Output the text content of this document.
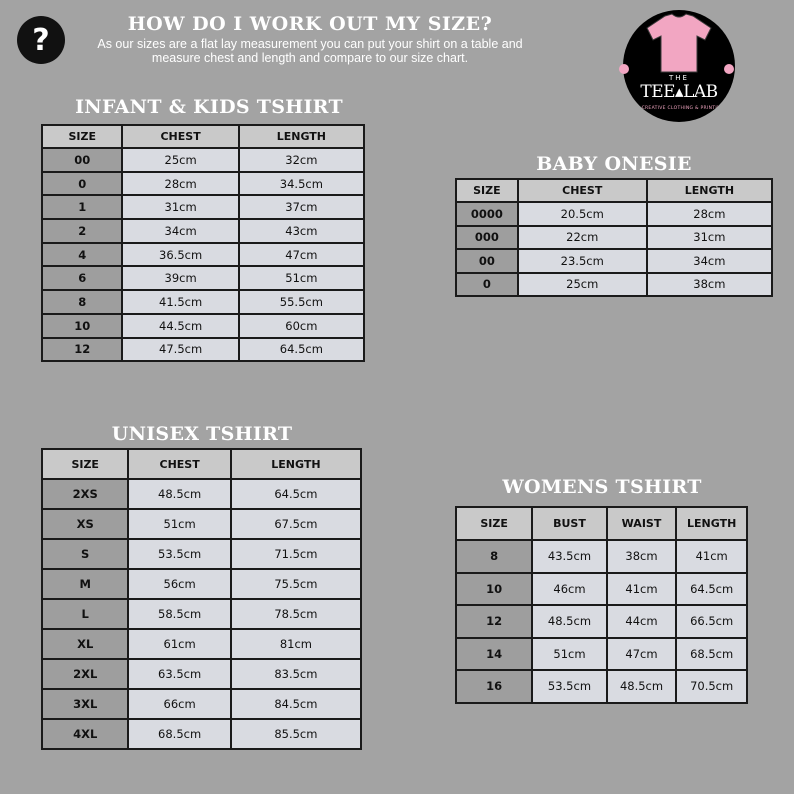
?	HOW DO I WORK OUT MY SIZE?
As our sizes are a flat lay measurement you can put your shirt on a table and
measure chest and length and compare to our size chart.
THE
TEE▴LAB
CREATIVE CLOTHING & PRINTING
INFANT & KIDS TSHIRT
BABY ONESIE
UNISEX TSHIRT
WOMENS TSHIRT
SIZE	CHEST	LENGTH
00	25cm	32cm
0	28cm	34.5cm
1	31cm	37cm
2	34cm	43cm
4	36.5cm	47cm
6	39cm	51cm
8	41.5cm	55.5cm
10	44.5cm	60cm
12	47.5cm	64.5cm
SIZE	CHEST	LENGTH
0000	20.5cm	28cm
000	22cm	31cm
00	23.5cm	34cm
0	25cm	38cm
SIZE	CHEST	LENGTH
2XS	48.5cm	64.5cm
XS	51cm	67.5cm
S	53.5cm	71.5cm
M	56cm	75.5cm
L	58.5cm	78.5cm
XL	61cm	81cm
2XL	63.5cm	83.5cm
3XL	66cm	84.5cm
4XL	68.5cm	85.5cm
SIZE	BUST	WAIST	LENGTH
8	43.5cm	38cm	41cm
10	46cm	41cm	64.5cm
12	48.5cm	44cm	66.5cm
14	51cm	47cm	68.5cm
16	53.5cm	48.5cm	70.5cm
